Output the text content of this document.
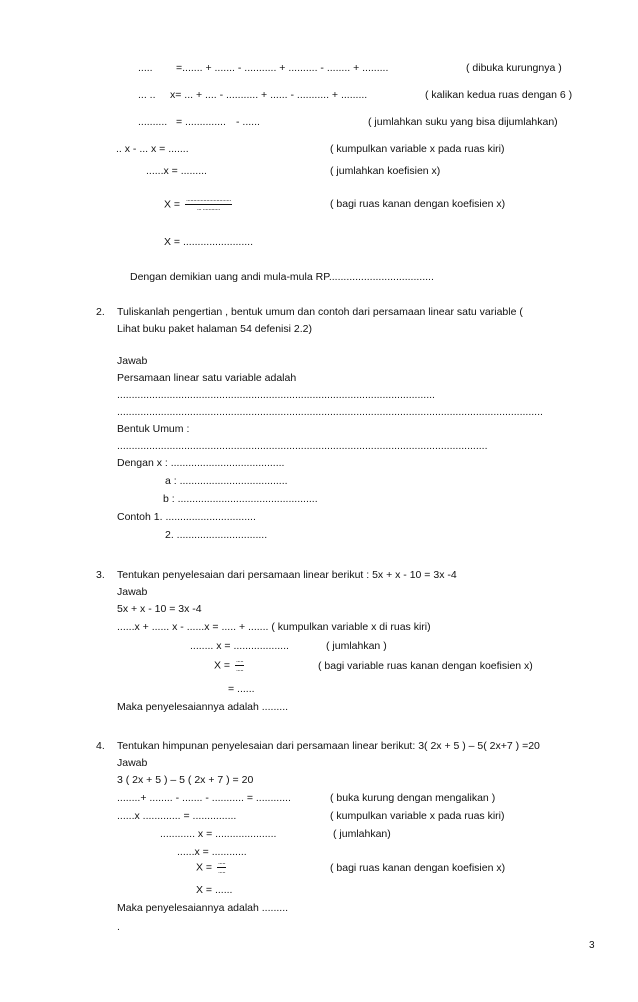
..... =....... + ....... - ........... + .......... - ........ + .........	( dibuka kurungnya )
... .. x= ... + .... - ........... + ...... - ........... + .........	( kalikan kedua ruas dengan 6 )
.......... = .............. - ......	( jumlahkan suku yang bisa dijumlahkan)
.. x - ... x = .......	( kumpulkan variable x pada ruas kiri)
......x = .........	( jumlahkan koefisien x)
$X = \frac{...............................}{... ............}$	( bagi ruas kanan dengan koefisien x)
X = ........................
Dengan demikian uang andi mula-mula RP....................................
2. Tuliskanlah pengertian , bentuk umum dan contoh dari persamaan linear satu variable (
Lihat buku paket halaman 54 defenisi 2.2)
Jawab
Persamaan linear satu variable adalah
.............................................................................................................
..................................................................................................................................................
Bentuk Umum :
...............................................................................................................................
Dengan x : .......................................
a : .....................................
b : ................................................
Contoh 1. ...............................
2. ...............................
3. Tentukan penyelesaian dari persamaan linear berikut : 5x + x - 10 = 3x -4
Jawab
5x + x - 10 = 3x -4
......x + ...... x - ......x = ..... + ....... ( kumpulkan variable x di ruas kiri)
........ x = ...................	( jumlahkan )
$X = \frac{.....}{.....}$	( bagi variable ruas kanan dengan koefisien x)
= ......
Maka penyelesaiannya adalah .........
4. Tentukan himpunan penyelesaian dari persamaan linear berikut: 3( 2x + 5 ) – 5( 2x+7 ) =20
Jawab
3 ( 2x + 5 ) – 5 ( 2x + 7 ) = 20
........+ ........ - ....... - ........... = ............	( buka kurung dengan mengalikan )
......x ............. = ...............	( kumpulkan variable x pada ruas kiri)
............ x = .....................	( jumlahkan)
......x = ............
$X = \frac{.....}{.....}$	( bagi ruas kanan dengan koefisien x)
X = ......
Maka penyelesaiannya adalah .........
.
3
